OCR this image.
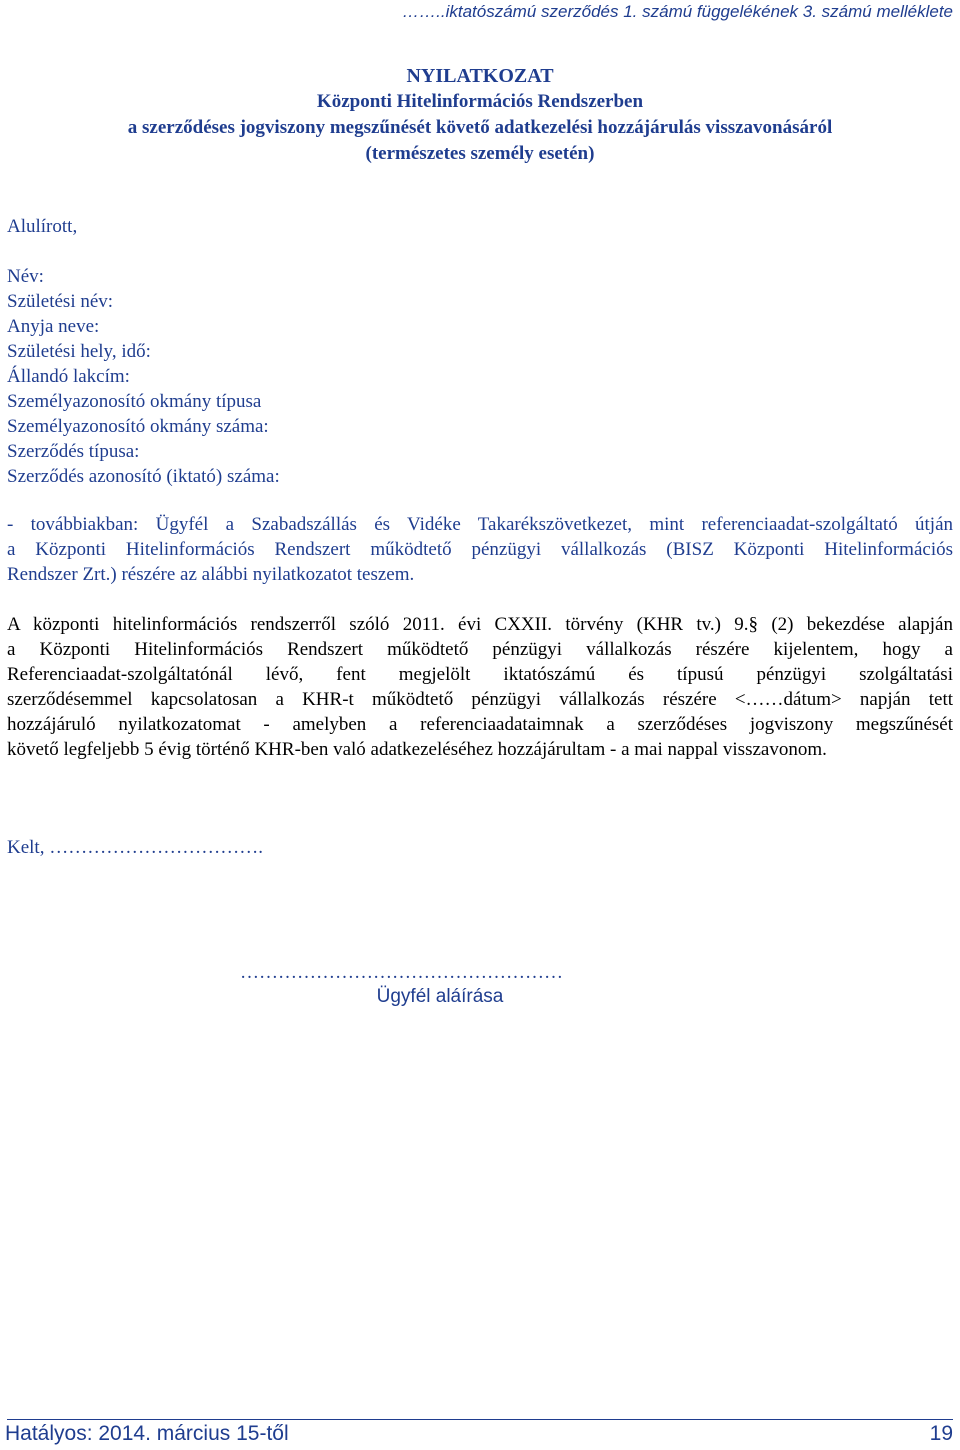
……..iktatószámú szerződés 1. számú függelékének 3. számú melléklete
NYILATKOZAT
Központi Hitelinformációs Rendszerben
a szerződéses jogviszony megszűnését követő adatkezelési hozzájárulás visszavonásáról
(természetes személy esetén)
Alulírott,
Név:
Születési név:
Anyja neve:
Születési hely, idő:
Állandó lakcím:
Személyazonosító okmány típusa
Személyazonosító okmány száma:
Szerződés típusa:
Szerződés azonosító (iktató) száma:
- továbbiakban: Ügyfél a Szabadszállás és Vidéke Takarékszövetkezet, mint referenciaadat-szolgáltató útján
a Központi Hitelinformációs Rendszert működtető pénzügyi vállalkozás (BISZ Központi Hitelinformációs
Rendszer Zrt.) részére az alábbi nyilatkozatot teszem.
A központi hitelinformációs rendszerről szóló 2011. évi CXXII. törvény (KHR tv.) 9.§ (2) bekezdése alapján
a Központi Hitelinformációs Rendszert működtető pénzügyi vállalkozás részére kijelentem, hogy a
Referenciaadat-szolgáltatónál lévő, fent megjelölt iktatószámú és típusú pénzügyi szolgáltatási
szerződésemmel kapcsolatosan a KHR-t működtető pénzügyi vállalkozás részére <……dátum> napján tett
hozzájáruló nyilatkozatomat - amelyben a referenciaadataimnak a szerződéses jogviszony megszűnését
követő legfeljebb 5 évig történő KHR-ben való adatkezeléséhez hozzájárultam - a mai nappal visszavonom.
Kelt, …………………………….
……………………………………………
Ügyfél aláírása
Hatályos: 2014. március 15-től	19
